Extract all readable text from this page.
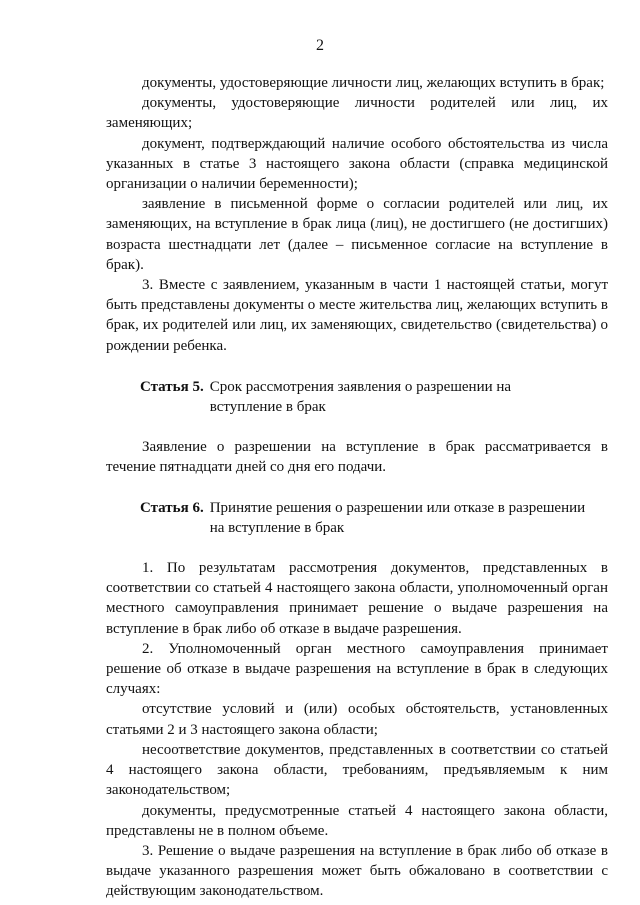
2

документы, удостоверяющие личности лиц, желающих вступить в брак;

документы, удостоверяющие личности родителей или лиц, их заменяющих;

документ, подтверждающий наличие особого обстоятельства из числа указанных в статье 3 настоящего закона области (справка медицинской организации о наличии беременности);

заявление в письменной форме о согласии родителей или лиц, их заменяющих, на вступление в брак лица (лиц), не достигшего (не достигших) возраста шестнадцати лет (далее – письменное согласие на вступление в брак).

3. Вместе с заявлением, указанным в части 1 настоящей статьи, могут быть представлены документы о месте жительства лиц, желающих вступить в брак, их родителей или лиц, их заменяющих, свидетельство (свидетельства) о рождении ребенка.

Статья 5. Срок рассмотрения заявления о разрешении на вступление в брак

Заявление о разрешении на вступление в брак рассматривается в течение пятнадцати дней со дня его подачи.

Статья 6. Принятие решения о разрешении или отказе в разрешении на вступление в брак

1. По результатам рассмотрения документов, представленных в соответствии со статьей 4 настоящего закона области, уполномоченный орган местного самоуправления принимает решение о выдаче разрешения на вступление в брак либо об отказе в выдаче разрешения.

2. Уполномоченный орган местного самоуправления принимает решение об отказе в выдаче разрешения на вступление в брак в следующих случаях:

отсутствие условий и (или) особых обстоятельств, установленных статьями 2 и 3 настоящего закона области;

несоответствие документов, представленных в соответствии со статьей 4 настоящего закона области, требованиям, предъявляемым к ним законодательством;

документы, предусмотренные статьей 4 настоящего закона области, представлены не в полном объеме.

3. Решение о выдаче разрешения на вступление в брак либо об отказе в выдаче указанного разрешения может быть обжаловано в соответствии с действующим законодательством.
